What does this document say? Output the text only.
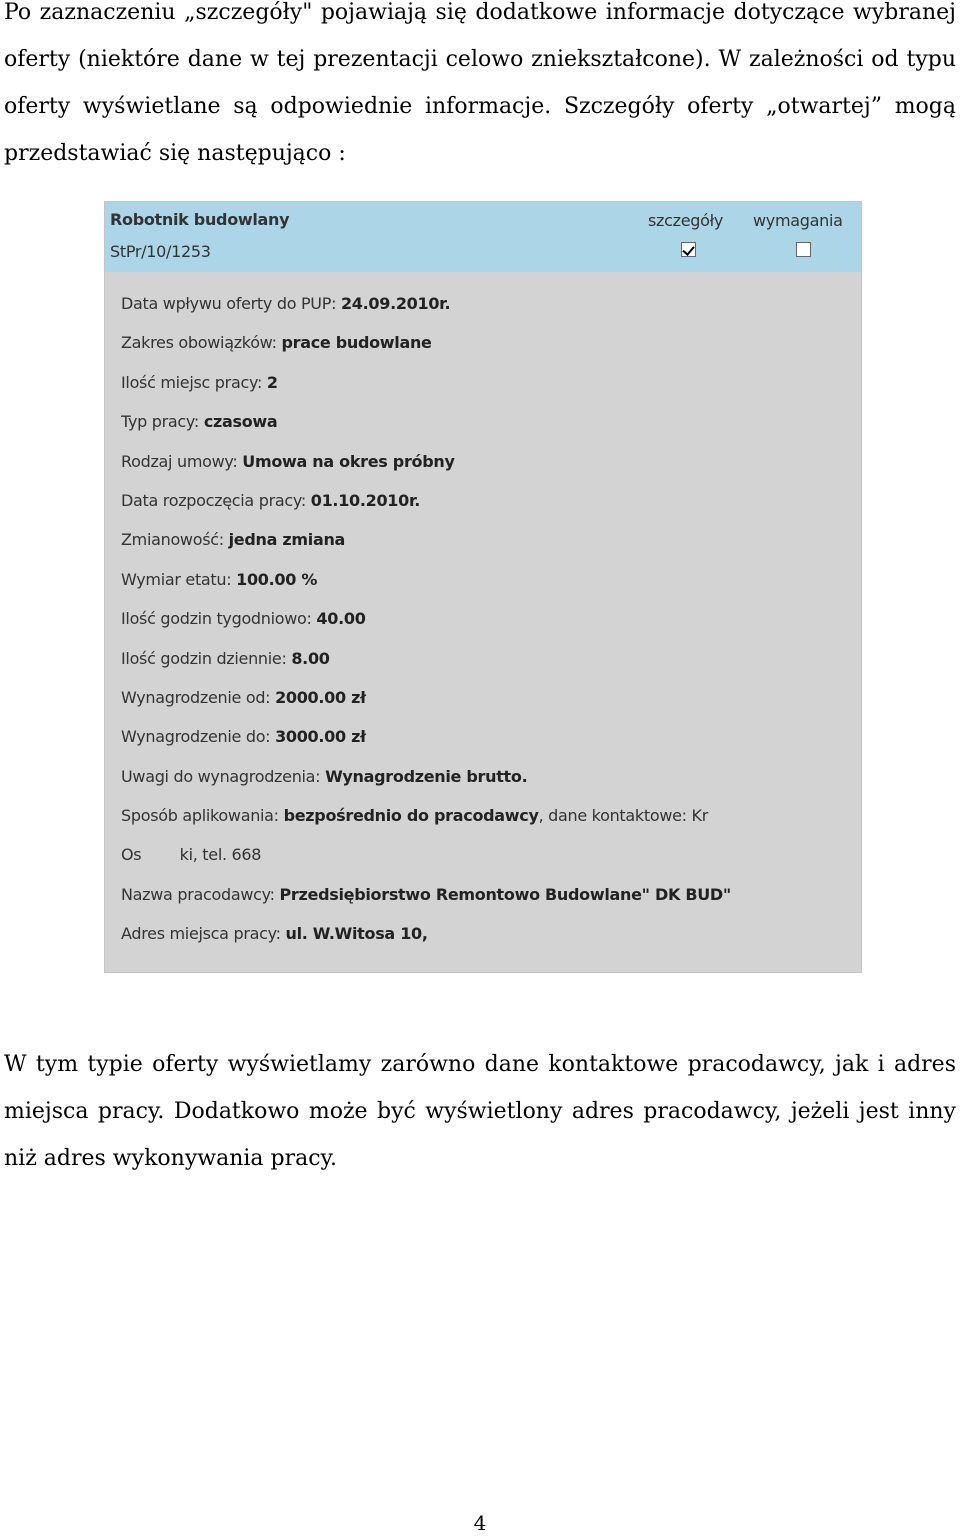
Po zaznaczeniu „ szczegóły" pojawiają się dodatkowe informacje dotyczące wybranej oferty (niektóre dane w tej prezentacji celowo zniekształcone). W zależności od typu oferty wyświetlane są odpowiednie informacje. Szczegóły oferty „ otwartej” mogą przedstawiać się następująco :

Robotnik budowlany
StPr/10/1253
szczegóły wymagania
Data wpływu oferty do PUP: 24.09.2010r.
Zakres obowiązków: prace budowlane
Ilość miejsc pracy: 2
Typ pracy: czasowa
Rodzaj umowy: Umowa na okres próbny
Data rozpoczęcia pracy: 01.10.2010r.
Zmianowość: jedna zmiana
Wymiar etatu: 100.00 %
Ilość godzin tygodniowo: 40.00
Ilość godzin dziennie: 8.00
Wynagrodzenie od: 2000.00 zł
Wynagrodzenie do: 3000.00 zł
Uwagi do wynagrodzenia: Wynagrodzenie brutto.
Sposób aplikowania: bezpośrednio do pracodawcy, dane kontaktowe: Kr
Os        ki, tel. 668
Nazwa pracodawcy: Przedsiębiorstwo Remontowo Budowlane" DK BUD"
Adres miejsca pracy: ul. W.Witosa 10,

W tym typie oferty wyświetlamy zarówno dane kontaktowe pracodawcy, jak i adres miejsca pracy. Dodatkowo może być wyświetlony adres pracodawcy, jeżeli jest inny niż adres wykonywania pracy.

4
